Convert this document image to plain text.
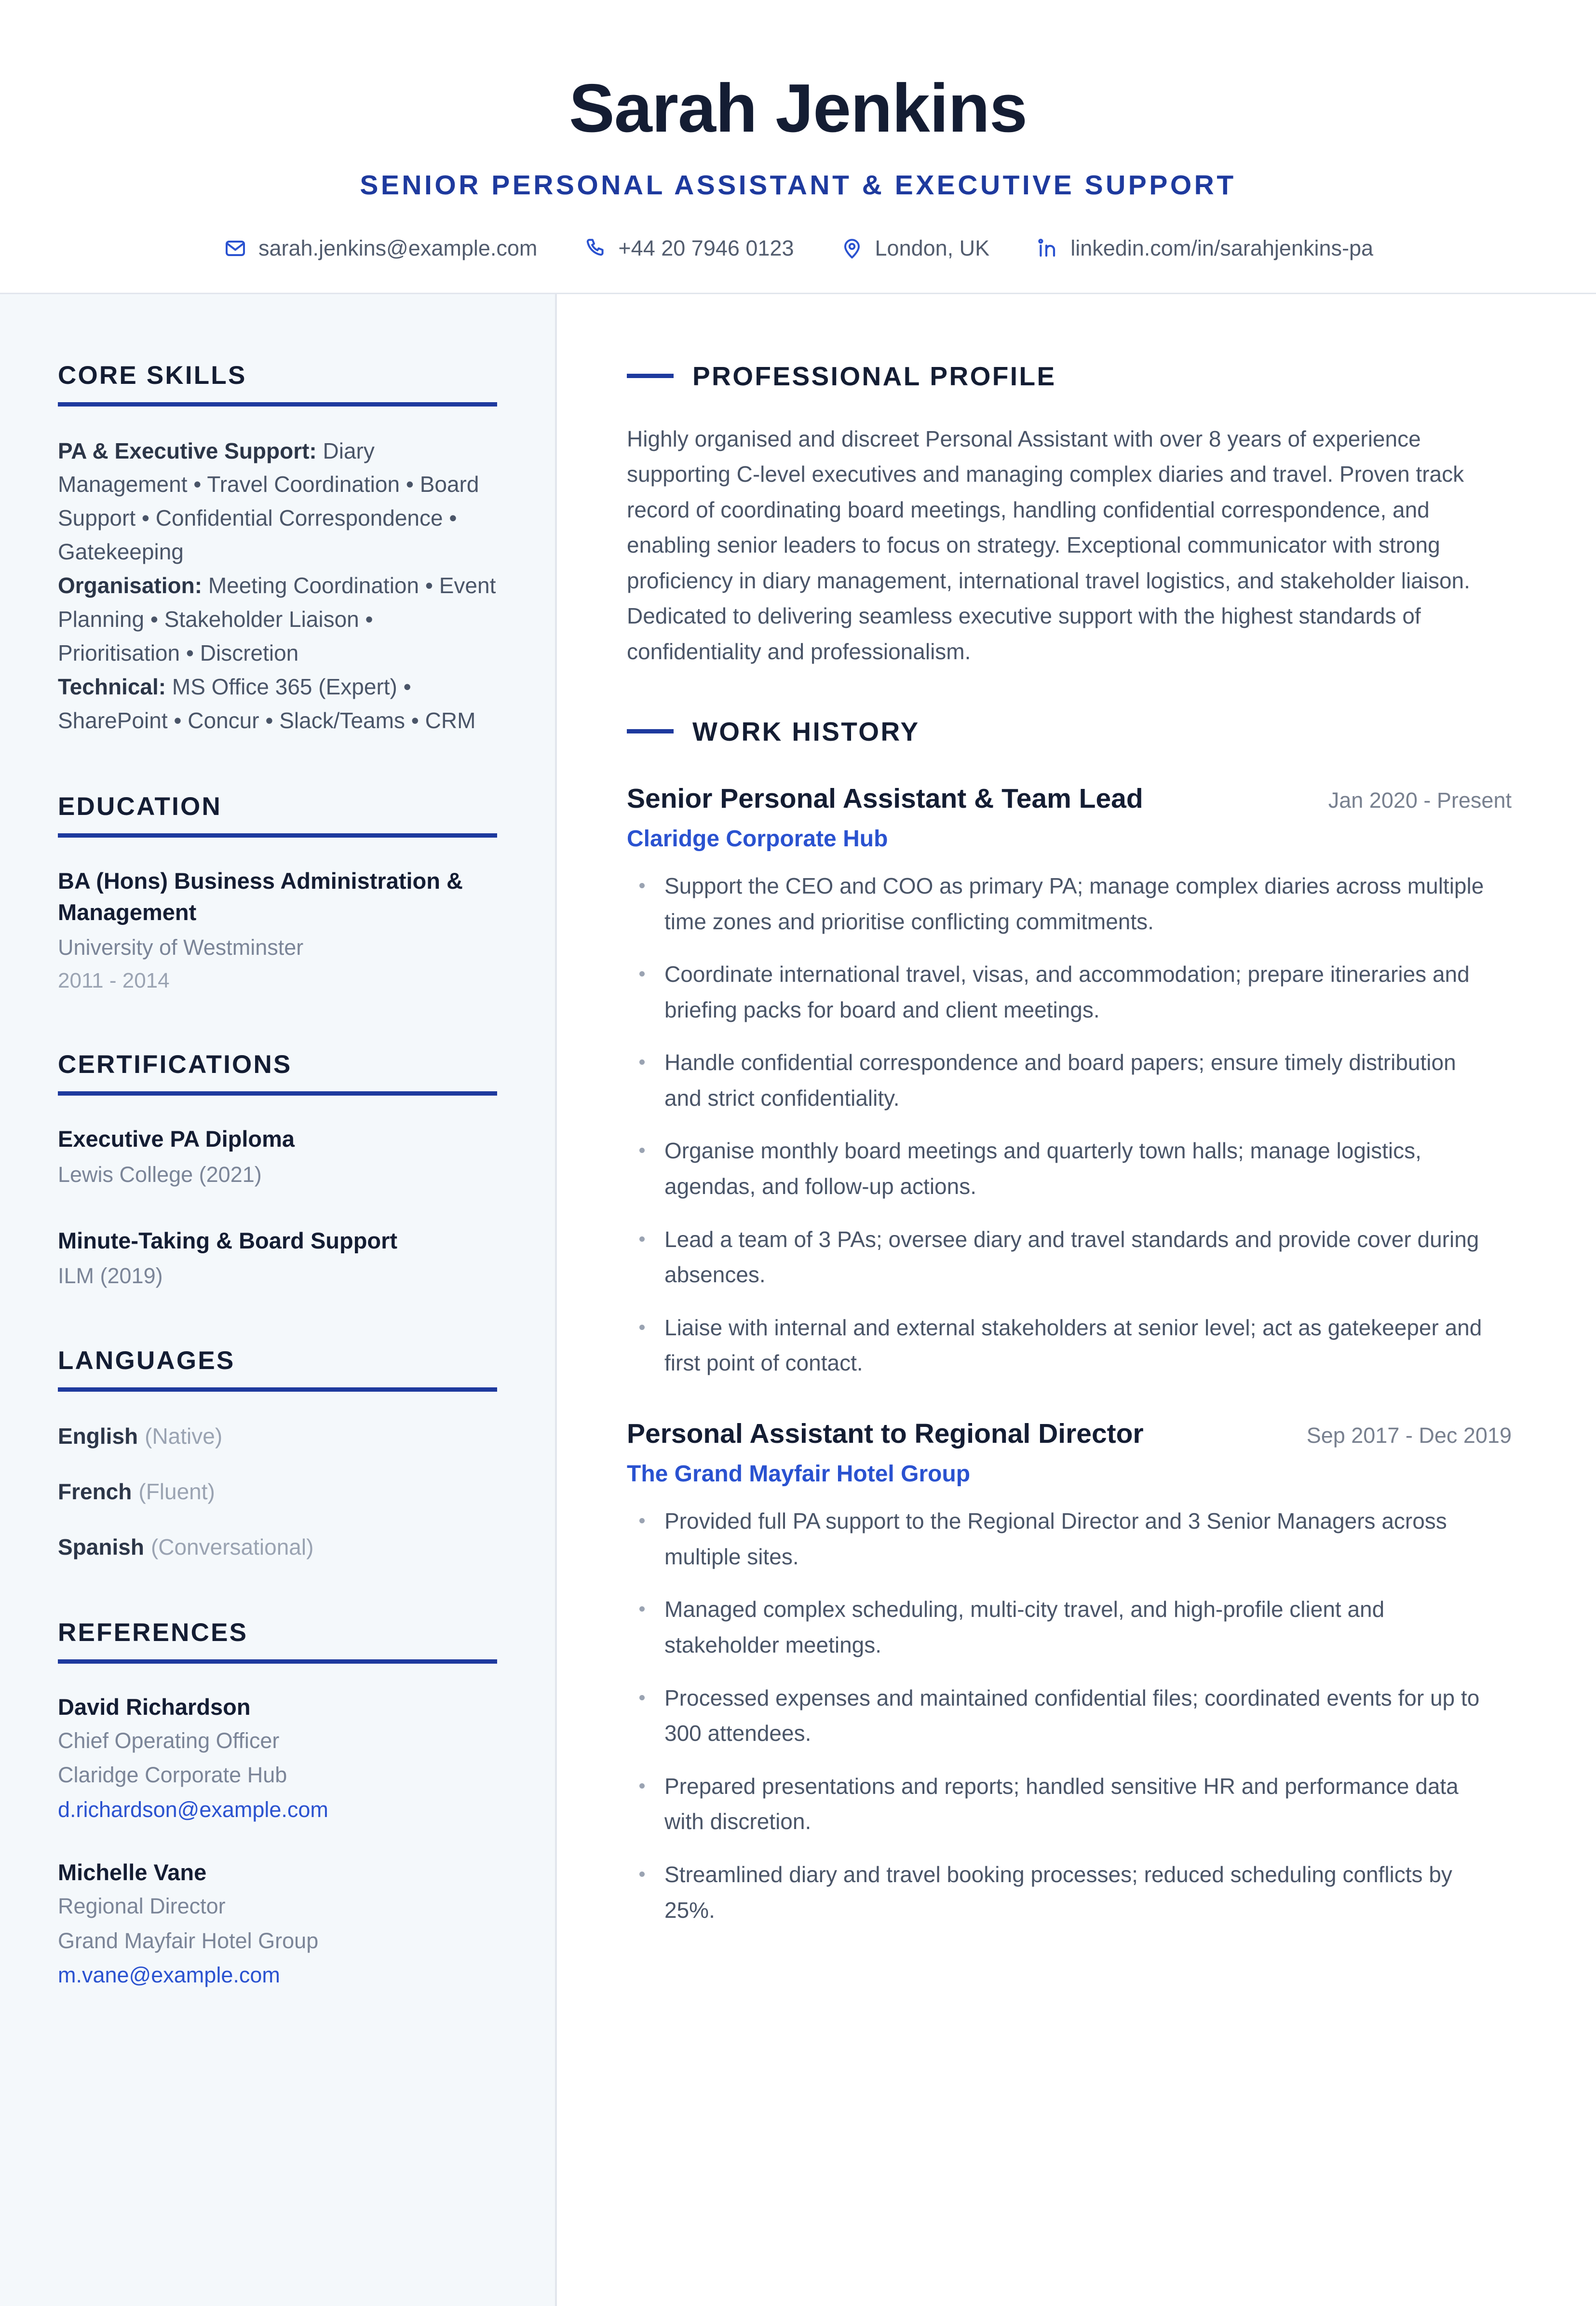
Sarah Jenkins
SENIOR PERSONAL ASSISTANT & EXECUTIVE SUPPORT
sarah.jenkins@example.com	+44 20 7946 0123	London, UK	linkedin.com/in/sarahjenkins-pa
CORE SKILLS

PA & Executive Support: Diary Management • Travel Coordination • Board Support • Confidential Correspondence • Gatekeeping
Organisation: Meeting Coordination • Event Planning • Stakeholder Liaison • Prioritisation • Discretion
Technical: MS Office 365 (Expert) • SharePoint • Concur • Slack/Teams • CRM

EDUCATION
BA (Hons) Business Administration & Management
University of Westminster
2011 - 2014
CERTIFICATIONS
Executive PA Diploma
Lewis College (2021)
Minute-Taking & Board Support
ILM (2019)
LANGUAGES
English (Native)
French (Fluent)
Spanish (Conversational)
REFERENCES
David Richardson
Chief Operating Officer
Claridge Corporate Hub
d.richardson@example.com
Michelle Vane
Regional Director
Grand Mayfair Hotel Group
m.vane@example.com
PROFESSIONAL PROFILE

Highly organised and discreet Personal Assistant with over 8 years of experience supporting C-level executives and managing complex diaries and travel. Proven track record of coordinating board meetings, handling confidential correspondence, and enabling senior leaders to focus on strategy. Exceptional communicator with strong proficiency in diary management, international travel logistics, and stakeholder liaison. Dedicated to delivering seamless executive support with the highest standards of confidentiality and professionalism.

WORK HISTORY
Senior Personal Assistant & Team Lead	Jan 2020 - Present
Claridge Corporate Hub
Support the CEO and COO as primary PA; manage complex diaries across multiple time zones and prioritise conflicting commitments.
Coordinate international travel, visas, and accommodation; prepare itineraries and briefing packs for board and client meetings.
Handle confidential correspondence and board papers; ensure timely distribution and strict confidentiality.
Organise monthly board meetings and quarterly town halls; manage logistics, agendas, and follow-up actions.
Lead a team of 3 PAs; oversee diary and travel standards and provide cover during absences.
Liaise with internal and external stakeholders at senior level; act as gatekeeper and first point of contact.
Personal Assistant to Regional Director	Sep 2017 - Dec 2019
The Grand Mayfair Hotel Group
Provided full PA support to the Regional Director and 3 Senior Managers across multiple sites.
Managed complex scheduling, multi-city travel, and high-profile client and stakeholder meetings.
Processed expenses and maintained confidential files; coordinated events for up to 300 attendees.
Prepared presentations and reports; handled sensitive HR and performance data with discretion.
Streamlined diary and travel booking processes; reduced scheduling conflicts by 25%.
